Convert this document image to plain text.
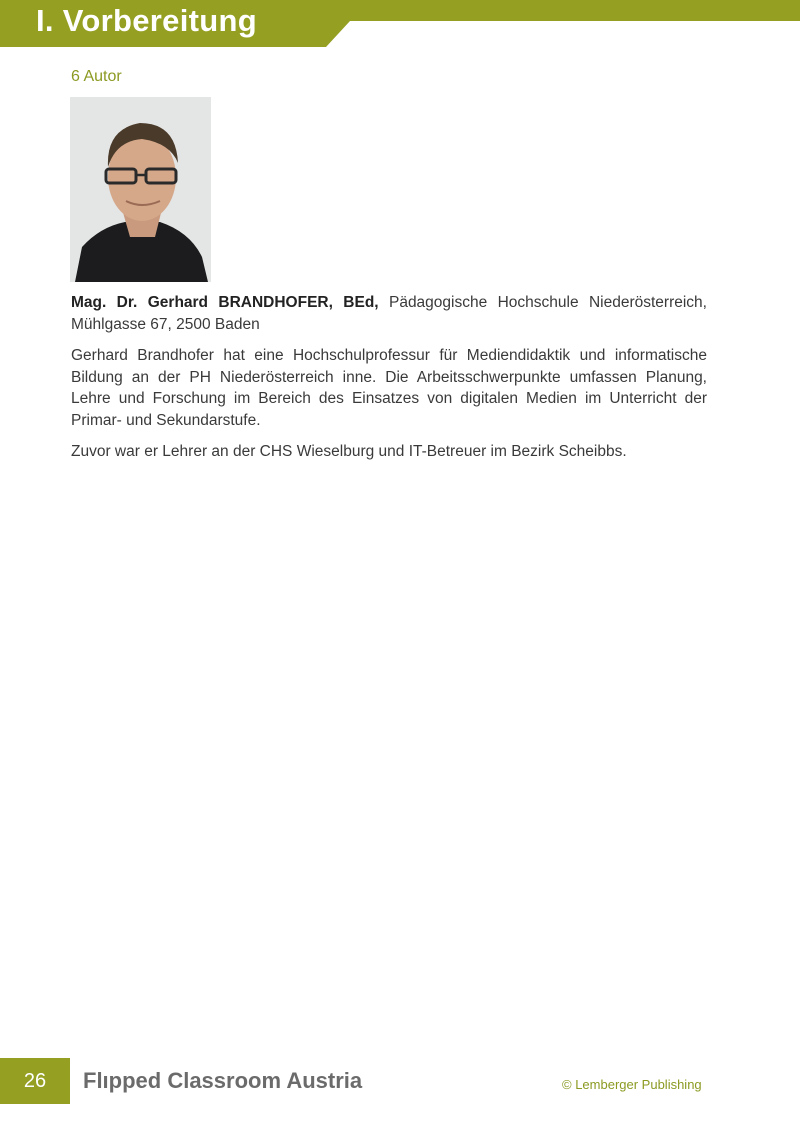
I. Vorbereitung
6 Autor

Mag. Dr. Gerhard BRANDHOFER, BEd, Pädagogische Hochschule Niederösterreich, Mühlgasse 67, 2500 Baden

Gerhard Brandhofer hat eine Hochschulprofessur für Mediendidaktik und informatische Bildung an der PH Niederösterreich inne. Die Arbeitsschwerpunkte umfassen Planung, Lehre und Forschung im Bereich des Einsatzes von digitalen Medien im Unterricht der Primar- und Sekundarstufe.

Zuvor war er Lehrer an der CHS Wieselburg und IT-Betreuer im Bezirk Scheibbs.

26	Flıpped Classroom Austria	© Lemberger Publishing
